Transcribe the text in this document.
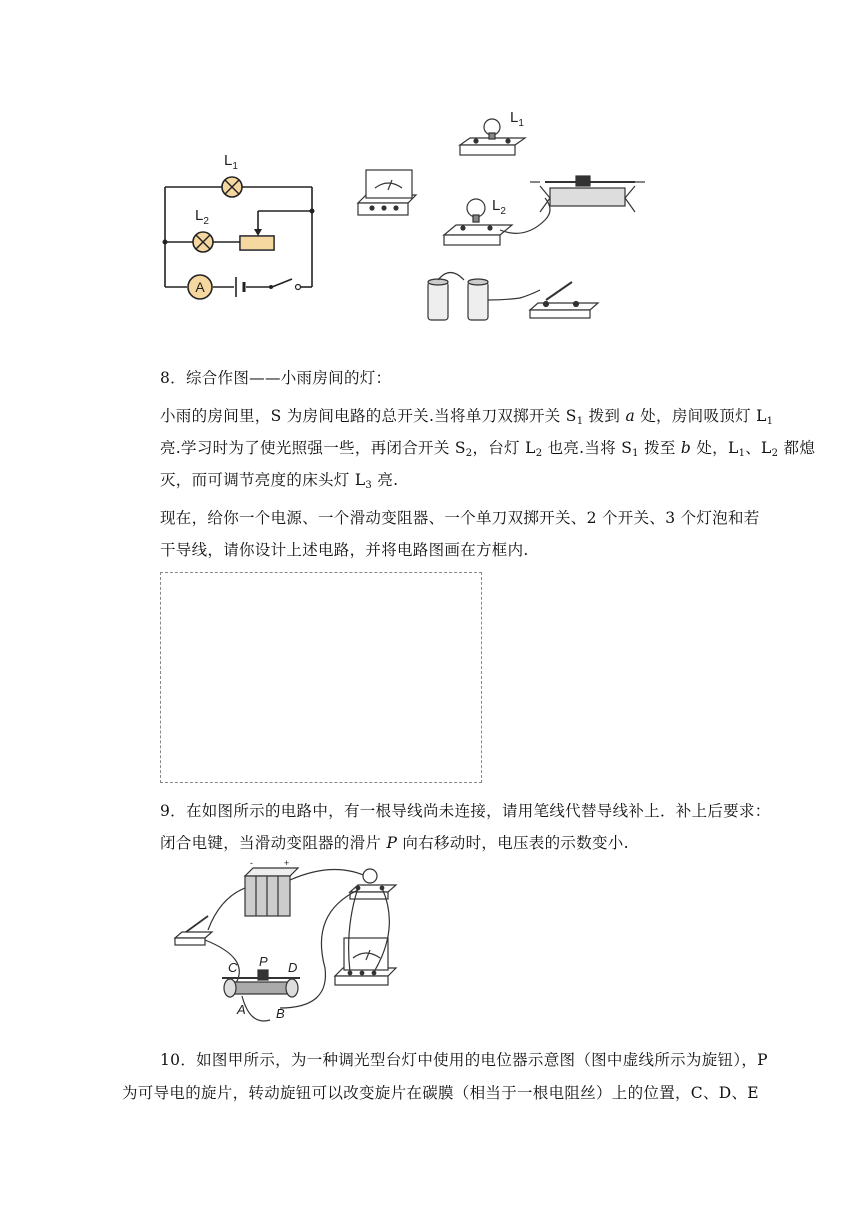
A
$L_1$
$L_2$
$L_1$
$L_2$
8．综合作图——小雨房间的灯：
小雨的房间里，S 为房间电路的总开关.当将单刀双掷开关 $S_1$ 拨到 a 处，房间吸顶灯 $L_1$
亮.学习时为了使光照强一些，再闭合开关 $S_2$，台灯 $L_2$ 也亮.当将 $S_1$ 拨至 b 处，$L_1$、$L_2$ 都熄
灭，而可调节亮度的床头灯 $L_3$ 亮.
现在，给你一个电源、一个滑动变阻器、一个单刀双掷开关、2 个开关、3 个灯泡和若
干导线，请你设计上述电路，并将电路图画在方框内.
9．在如图所示的电路中，有一根导线尚未连接，请用笔线代替导线补上．补上后要求：
闭合电键，当滑动变阻器的滑片 P 向右移动时，电压表的示数变小.
-	+
C P D
A B
10．如图甲所示，为一种调光型台灯中使用的电位器示意图（图中虚线所示为旋钮），P
为可导电的旋片，转动旋钮可以改变旋片在碳膜（相当于一根电阻丝）上的位置，C、D、E
